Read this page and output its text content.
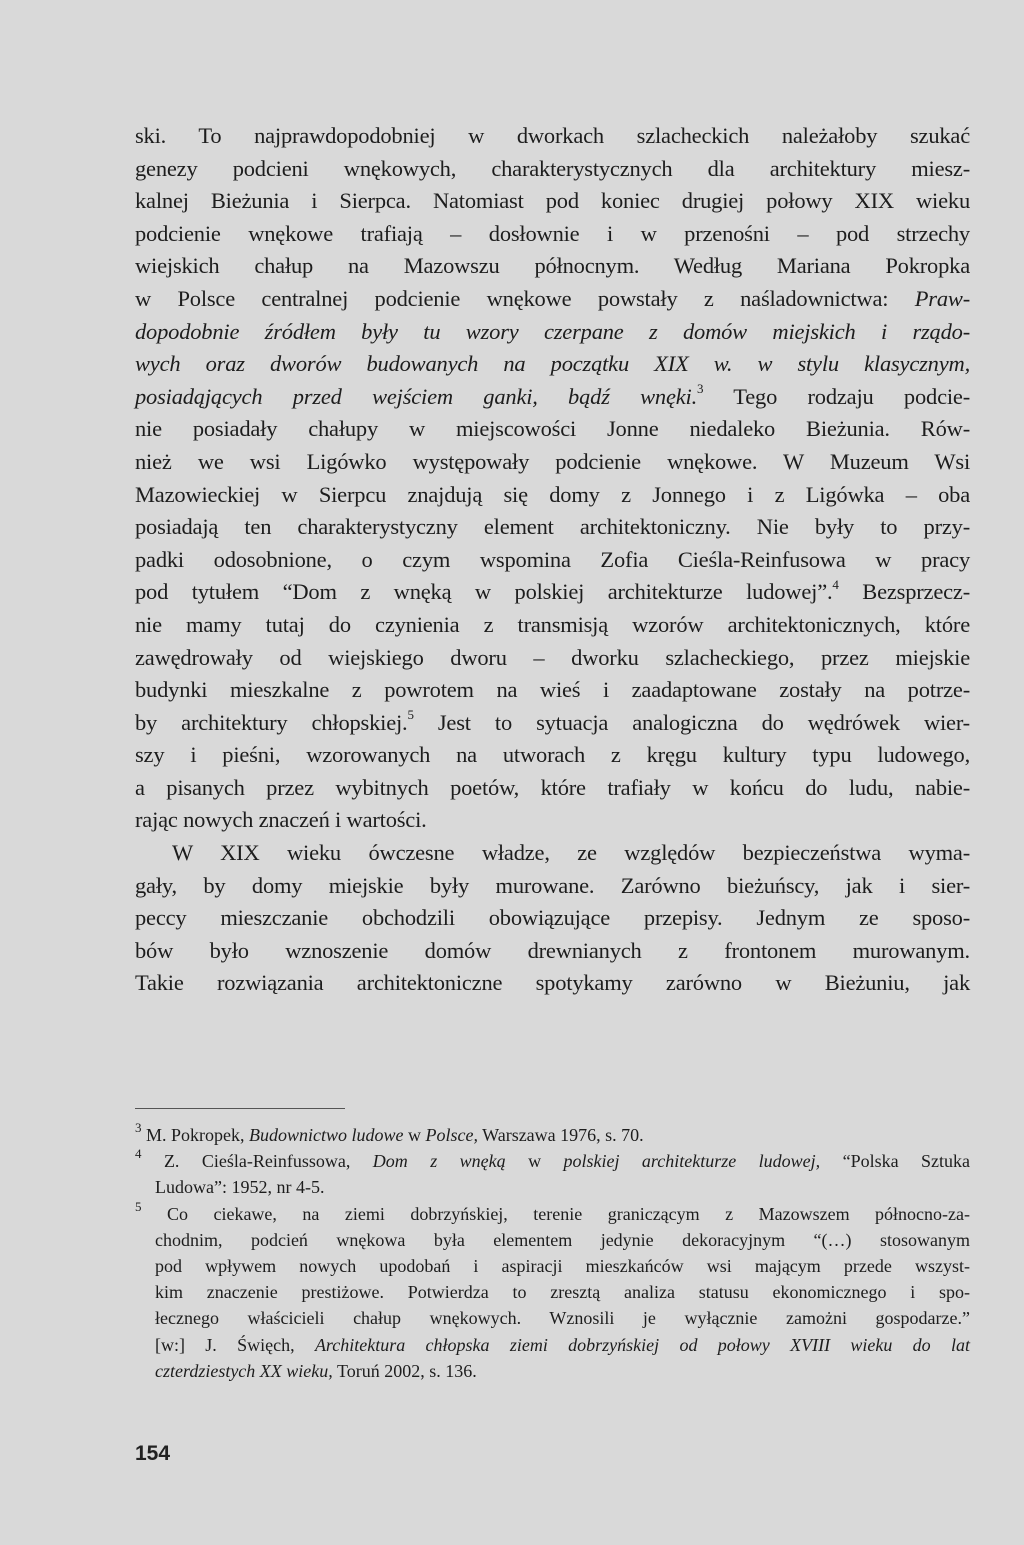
ski. To najprawdopodobniej w dworkach szlacheckich należałoby szukać
genezy podcieni wnękowych, charakterystycznych dla architektury miesz-
kalnej Bieżunia i Sierpca. Natomiast pod koniec drugiej połowy XIX wieku
podcienie wnękowe trafiają – dosłownie i w przenośni – pod strzechy
wiejskich chałup na Mazowszu północnym. Według Mariana Pokropka
w Polsce centralnej podcienie wnękowe powstały z naśladownictwa: Praw-
dopodobnie źródłem były tu wzory czerpane z domów miejskich i rządo-
wych oraz dworów budowanych na początku XIX w. w stylu klasycznym,
posiadąjących przed wejściem ganki, bądź wnęki.$^3$ Tego rodzaju podcie-
nie posiadały chałupy w miejscowości Jonne niedaleko Bieżunia. Rów-
nież we wsi Ligówko występowały podcienie wnękowe. W Muzeum Wsi
Mazowieckiej w Sierpcu znajdują się domy z Jonnego i z Ligówka – oba
posiadają ten charakterystyczny element architektoniczny. Nie były to przy-
padki odosobnione, o czym wspomina Zofia Cieśla-Reinfusowa w pracy
pod tytułem “Dom z wnęką w polskiej architekturze ludowej”.$^4$ Bezsprzecz-
nie mamy tutaj do czynienia z transmisją wzorów architektonicznych, które
zawędrowały od wiejskiego dworu – dworku szlacheckiego, przez miejskie
budynki mieszkalne z powrotem na wieś i zaadaptowane zostały na potrze-
by architektury chłopskiej.$^5$ Jest to sytuacja analogiczna do wędrówek wier-
szy i pieśni, wzorowanych na utworach z kręgu kultury typu ludowego,
a pisanych przez wybitnych poetów, które trafiały w końcu do ludu, nabie-
rając nowych znaczeń i wartości.
W XIX wieku ówczesne władze, ze względów bezpieczeństwa wyma-
gały, by domy miejskie były murowane. Zarówno bieżuńscy, jak i sier-
peccy mieszczanie obchodzili obowiązujące przepisy. Jednym ze sposo-
bów było wznoszenie domów drewnianych z frontonem murowanym.
Takie rozwiązania architektoniczne spotykamy zarówno w Bieżuniu, jak
$^3$ M. Pokropek, Budownictwo ludowe w Polsce, Warszawa 1976, s. 70.
$^4$ Z. Cieśla-Reinfussowa, Dom z wnęką w polskiej architekturze ludowej, “Polska Sztuka
Ludowa”: 1952, nr 4-5.
$^5$ Co ciekawe, na ziemi dobrzyńskiej, terenie graniczącym z Mazowszem północno-za-
chodnim, podcień wnękowa była elementem jedynie dekoracyjnym “(…) stosowanym
pod wpływem nowych upodobań i aspiracji mieszkańców wsi mającym przede wszyst-
kim znaczenie prestiżowe. Potwierdza to zresztą analiza statusu ekonomicznego i spo-
łecznego właścicieli chałup wnękowych. Wznosili je wyłącznie zamożni gospodarze.”
[w:] J. Święch, Architektura chłopska ziemi dobrzyńskiej od połowy XVIII wieku do lat
czterdziestych XX wieku, Toruń 2002, s. 136.
154
